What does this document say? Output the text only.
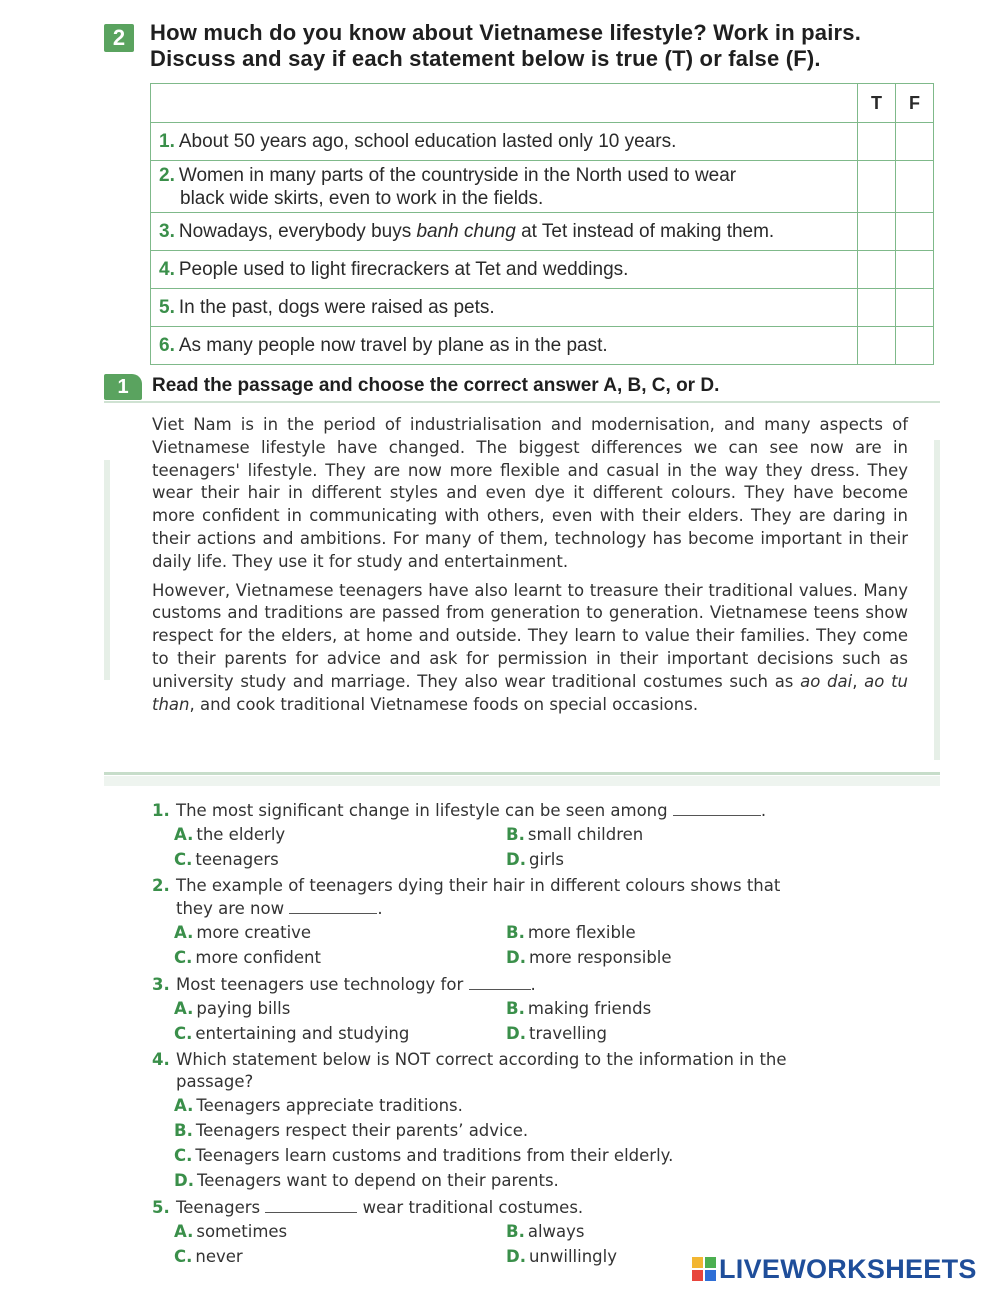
2 How much do you know about Vietnamese lifestyle? Work in pairs.
Discuss and say if each statement below is true (T) or false (F).
	T	F
1. About 50 years ago, school education lasted only 10 years.		

2. Women in many parts of the countryside in the North used to wear
black wide skirts, even to work in the fields.		

3. Nowadays, everybody buys banh chung at Tet instead of making them.		
4. People used to light firecrackers at Tet and weddings.		
5. In the past, dogs were raised as pets.		
6. As many people now travel by plane as in the past.		
1 Read the passage and choose the correct answer A, B, C, or D.

Viet Nam is in the period of industrialisation and modernisation, and many aspects of Vietnamese lifestyle have changed. The biggest differences we can see now are in teenagers' lifestyle. They are now more flexible and casual in the way they dress. They wear their hair in different styles and even dye it different colours. They have become more confident in communicating with others, even with their elders. They are daring in their actions and ambitions. For many of them, technology has become important in their daily life. They use it for study and entertainment.

However, Vietnamese teenagers have also learnt to treasure their traditional values. Many customs and traditions are passed from generation to generation. Vietnamese teens show respect for the elders, at home and outside. They learn to value their families. They come to their parents for advice and ask for permission in their important decisions such as university study and marriage. They also wear traditional costumes such as ao dai, ao tu than, and cook traditional Vietnamese foods on special occasions.

1. The most significant change in lifestyle can be seen among	.
A. the elderly	B. small children
C. teenagers	D. girls
2. The example of teenagers dying their hair in different colours shows that
they are now	.
A. more creative	B. more flexible
C. more confident	D. more responsible
3. Most teenagers use technology for	.
A. paying bills	B. making friends
C. entertaining and studying	D. travelling
4. Which statement below is NOT correct according to the information in the
passage?
A. Teenagers appreciate traditions.
B. Teenagers respect their parents’ advice.
C. Teenagers learn customs and traditions from their elderly.
D. Teenagers want to depend on their parents.
5. Teenagers	wear traditional costumes.
A. sometimes	B. always
C. never	D. unwillingly	LIVEWORKSHEETS
